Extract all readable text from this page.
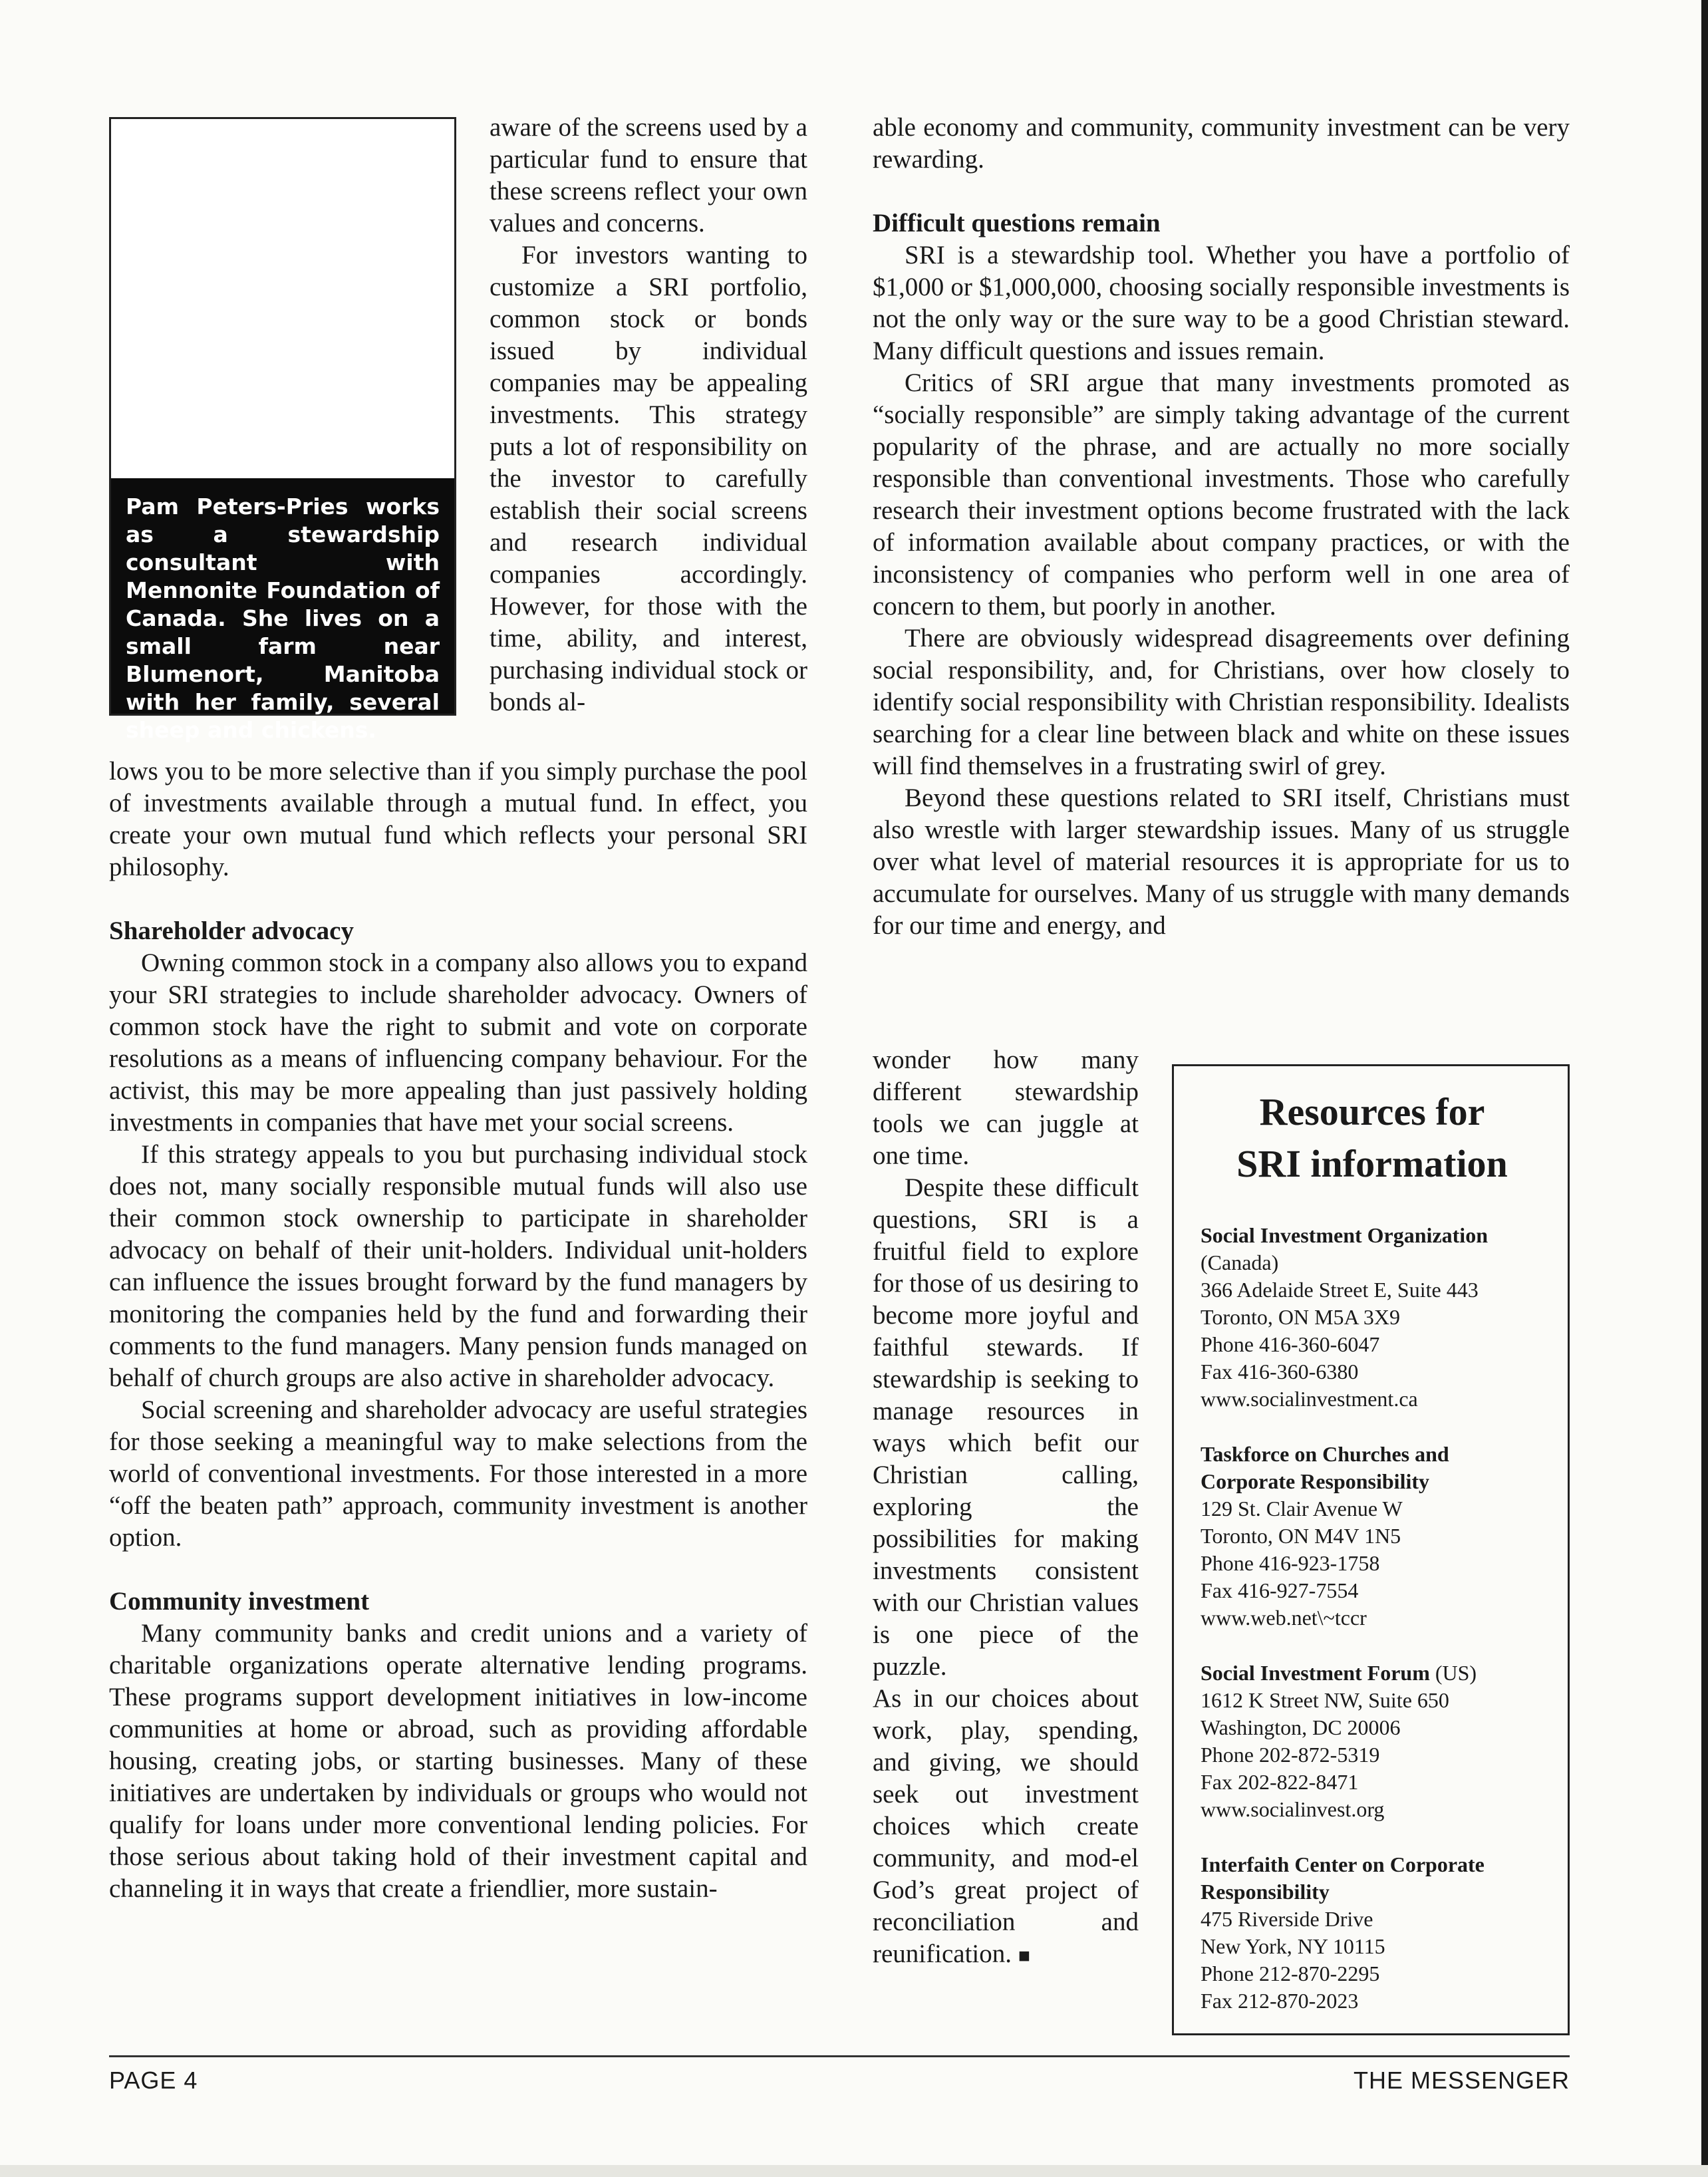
Pam Peters-Pries works as a stewardship consultant with Mennonite Foundation of Canada. She lives on a small farm near Blumenort, Manitoba with her family, several sheep and chickens.

aware of the screens used by a particular fund to ensure that these screens reflect your own values and concerns.

For investors wanting to customize a SRI portfolio, common stock or bonds issued by individual companies may be appealing investments. This strategy puts a lot of responsibility on the investor to carefully establish their social screens and research individual companies accordingly. However, for those with the time, ability, and interest, purchasing individual stock or bonds al-

lows you to be more selective than if you simply purchase the pool of investments available through a mutual fund. In effect, you create your own mutual fund which reflects your personal SRI philosophy.

Shareholder advocacy

Owning common stock in a company also allows you to expand your SRI strategies to include shareholder advocacy. Owners of common stock have the right to submit and vote on corporate resolutions as a means of influencing company behaviour. For the activist, this may be more appealing than just passively holding investments in companies that have met your social screens.

If this strategy appeals to you but purchasing individual stock does not, many socially responsible mutual funds will also use their common stock ownership to participate in shareholder advocacy on behalf of their unit-holders. Individual unit-holders can influence the issues brought forward by the fund managers by monitoring the companies held by the fund and forwarding their comments to the fund managers. Many pension funds managed on behalf of church groups are also active in shareholder advocacy.

Social screening and shareholder advocacy are useful strategies for those seeking a meaningful way to make selections from the world of conventional investments. For those interested in a more “off the beaten path” approach, community investment is another option.

Community investment

Many community banks and credit unions and a variety of charitable organizations operate alternative lending programs. These programs support development initiatives in low-income communities at home or abroad, such as providing affordable housing, creating jobs, or starting businesses. Many of these initiatives are undertaken by individuals or groups who would not qualify for loans under more conventional lending policies. For those serious about taking hold of their investment capital and channeling it in ways that create a friendlier, more sustain-

able economy and community, community investment can be very rewarding.

Difficult questions remain

SRI is a stewardship tool. Whether you have a portfolio of $1,000 or $1,000,000, choosing socially responsible investments is not the only way or the sure way to be a good Christian steward. Many difficult questions and issues remain.

Critics of SRI argue that many investments promoted as “socially responsible” are simply taking advantage of the current popularity of the phrase, and are actually no more socially responsible than conventional investments. Those who carefully research their investment options become frustrated with the lack of information available about company practices, or with the inconsistency of companies who perform well in one area of concern to them, but poorly in another.

There are obviously widespread disagreements over defining social responsibility, and, for Christians, over how closely to identify social responsibility with Christian responsibility. Idealists searching for a clear line between black and white on these issues will find themselves in a frustrating swirl of grey.

Beyond these questions related to SRI itself, Christians must also wrestle with larger stewardship issues. Many of us struggle over what level of material resources it is appropriate for us to accumulate for ourselves. Many of us struggle with many demands for our time and energy, and

wonder how many different stewardship tools we can juggle at one time.

Despite these difficult questions, SRI is a fruitful field to explore for those of us desiring to become more joyful and faithful stewards. If stewardship is seeking to manage resources in ways which befit our Christian calling, exploring the possibilities for making investments consistent with our Christian values is one piece of the puzzle.

As in our choices about work, play, spending, and giving, we should seek out investment choices which create community, and mod-el God’s great project of reconciliation and reunification. ■

Resources for
SRI information
Social Investment Organization (Canada)
366 Adelaide Street E, Suite 443
Toronto, ON M5A 3X9
Phone 416-360-6047
Fax 416-360-6380
www.socialinvestment.ca
Taskforce on Churches and Corporate Responsibility
129 St. Clair Avenue W
Toronto, ON M4V 1N5
Phone 416-923-1758
Fax 416-927-7554
www.web.net\~tccr
Social Investment Forum (US)
1612 K Street NW, Suite 650
Washington, DC 20006
Phone 202-872-5319
Fax 202-822-8471
www.socialinvest.org
Interfaith Center on Corporate Responsibility
475 Riverside Drive
New York, NY 10115
Phone 212-870-2295
Fax 212-870-2023
PAGE 4	THE MESSENGER
